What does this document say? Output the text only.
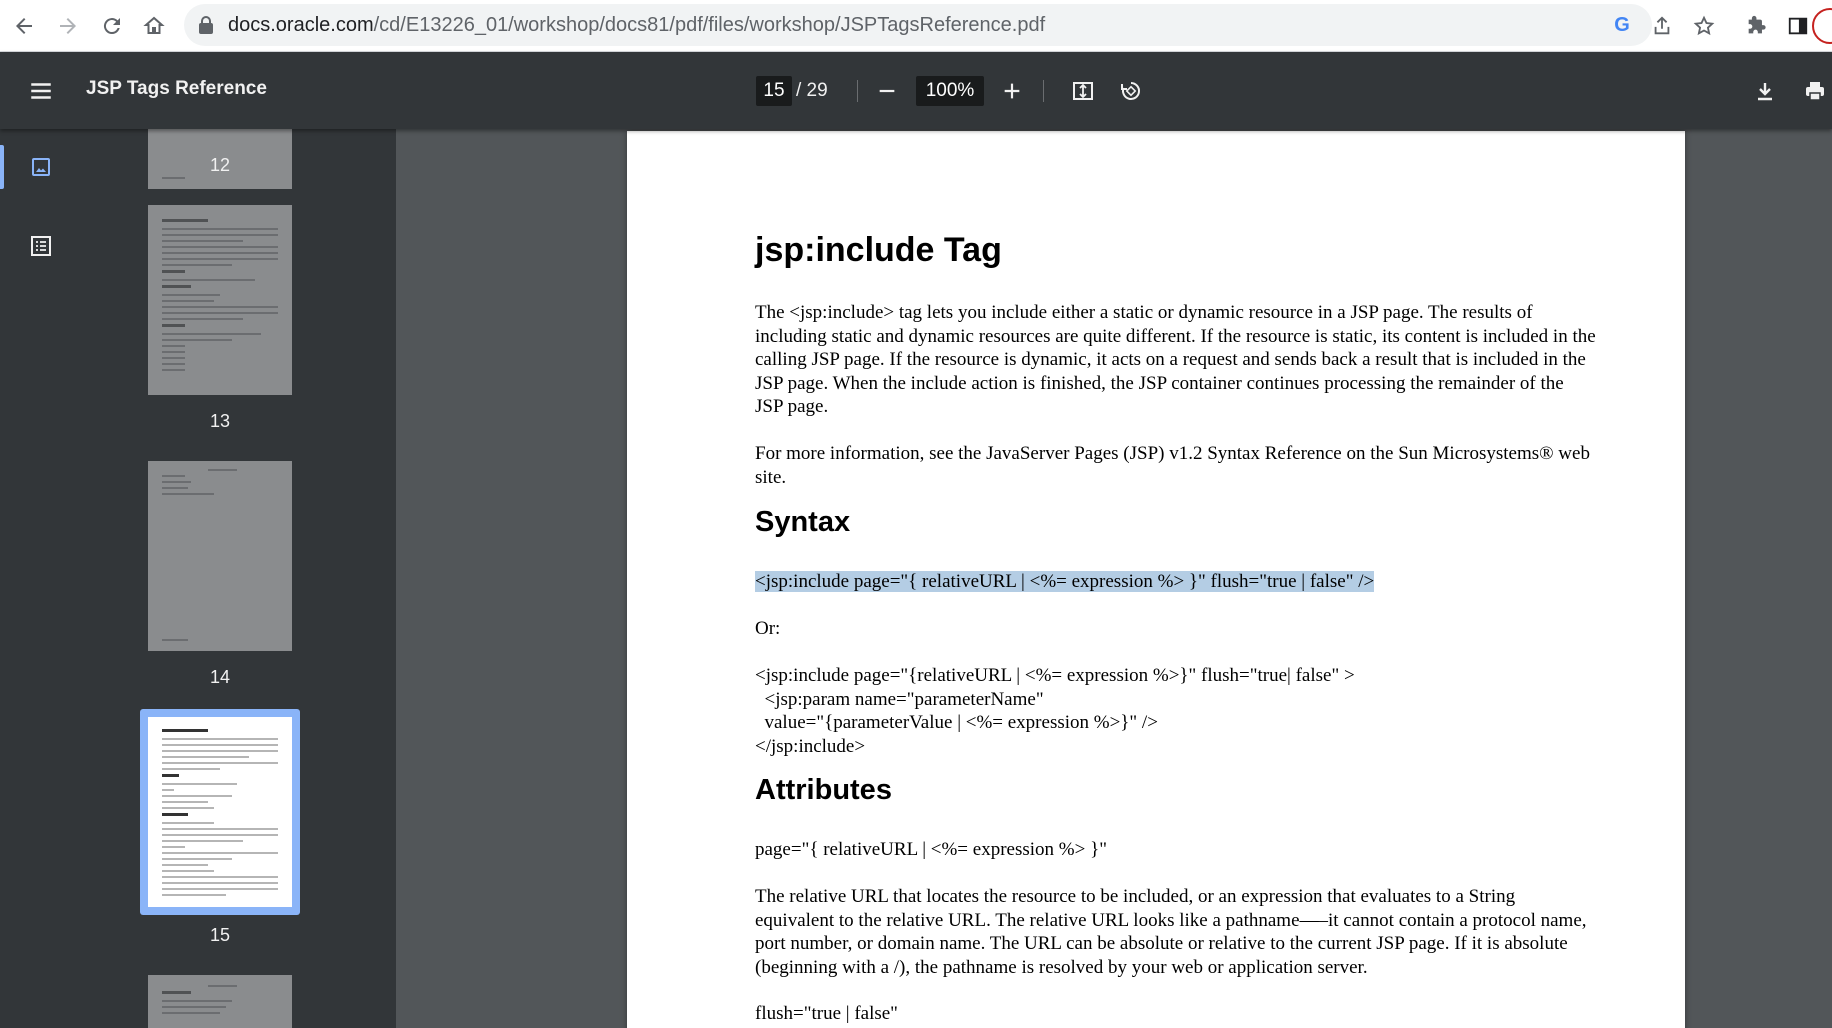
docs.oracle.com/cd/E13226_01/workshop/docs81/pdf/files/workshop/JSPTagsReference.pdf	G
JSP Tags Reference	15 / 29	100%
12
13
14
15
jsp:include Tag
The <jsp:include> tag lets you include either a static or dynamic resource in a JSP page. The results of
including static and dynamic resources are quite different. If the resource is static, its content is included in the
calling JSP page. If the resource is dynamic, it acts on a request and sends back a result that is included in the
JSP page. When the include action is finished, the JSP container continues processing the remainder of the
JSP page.
For more information, see the JavaServer Pages (JSP) v1.2 Syntax Reference on the Sun Microsystems® web
site.
Syntax
<jsp:include page="{ relativeURL | <%= expression %> }" flush="true | false" />
Or:
<jsp:include page="{relativeURL | <%= expression %>}" flush="true| false" >
<jsp:param name="parameterName"
value="{parameterValue | <%= expression %>}" />
</jsp:include>
Attributes
page="{ relativeURL | <%= expression %> }"
The relative URL that locates the resource to be included, or an expression that evaluates to a String
equivalent to the relative URL. The relative URL looks like a pathname—–it cannot contain a protocol name,
port number, or domain name. The URL can be absolute or relative to the current JSP page. If it is absolute
(beginning with a /), the pathname is resolved by your web or application server.
flush="true | false"
